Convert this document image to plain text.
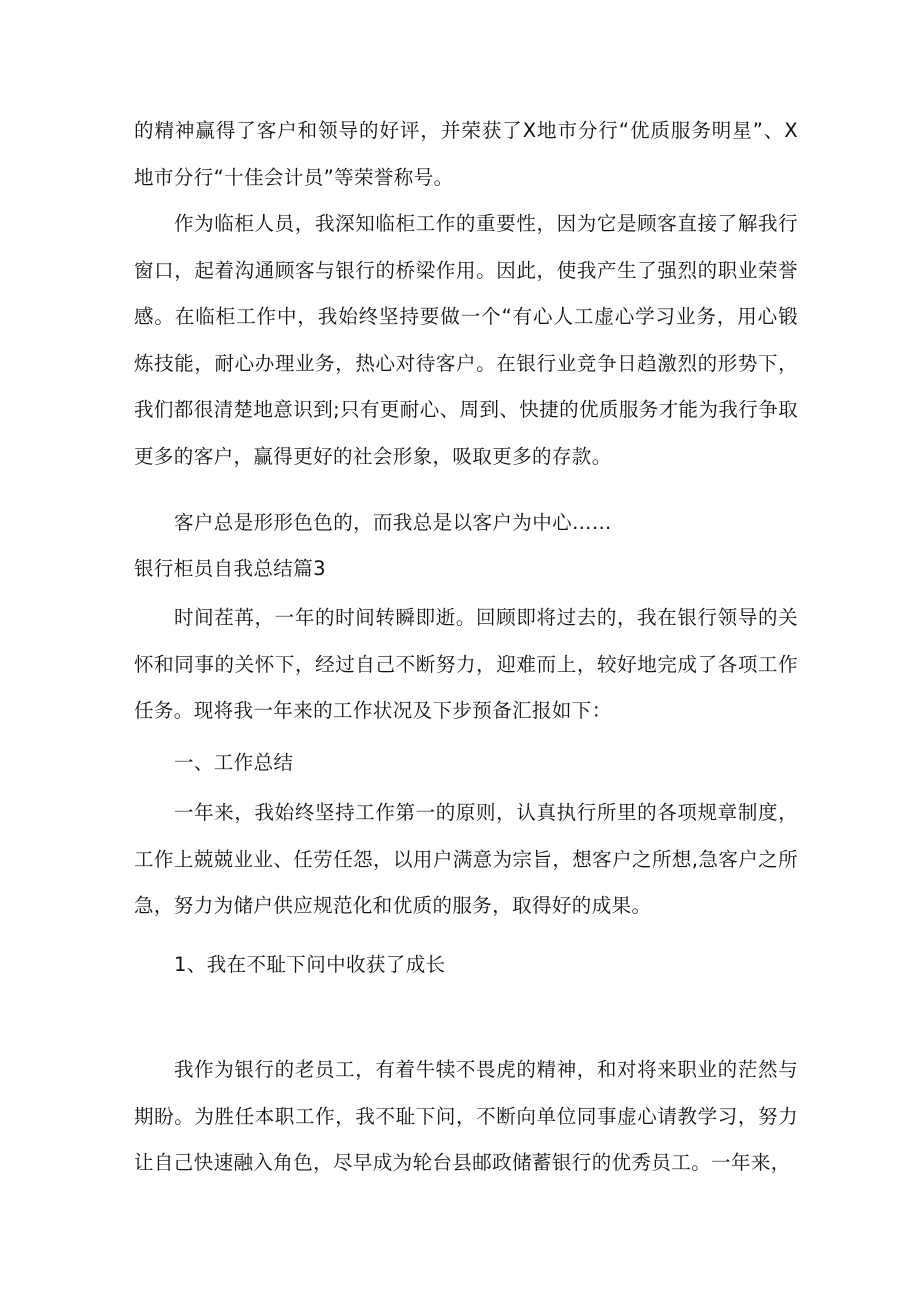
的精神赢得了客户和领导的好评，并荣获了X地市分行“优质服务明星”、X地市分行“十佳会计员”等荣誉称号。

作为临柜人员，我深知临柜工作的重要性，因为它是顾客直接了解我行窗口，起着沟通顾客与银行的桥梁作用。因此，使我产生了强烈的职业荣誉感。在临柜工作中，我始终坚持要做一个“有心人工虚心学习业务，用心锻炼技能，耐心办理业务，热心对待客户。在银行业竞争日趋激烈的形势下，我们都很清楚地意识到;只有更耐心、周到、快捷的优质服务才能为我行争取更多的客户，赢得更好的社会形象，吸取更多的存款。

客户总是形形色色的，而我总是以客户为中心……

银行柜员自我总结篇3

时间茬苒，一年的时间转瞬即逝。回顾即将过去的，我在银行领导的关怀和同事的关怀下，经过自己不断努力，迎难而上，较好地完成了各项工作任务。现将我一年来的工作状况及下步预备汇报如下：

一、工作总结

一年来，我始终坚持工作第一的原则，认真执行所里的各项规章制度，工作上兢兢业业、任劳任怨，以用户满意为宗旨，想客户之所想,急客户之所急，努力为储户供应规范化和优质的服务，取得好的成果。

1、我在不耻下问中收获了成长

我作为银行的老员工，有着牛犊不畏虎的精神，和对将来职业的茫然与期盼。为胜任本职工作，我不耻下问，不断向单位同事虚心请教学习，努力让自己快速融入角色，尽早成为轮台县邮政储蓄银行的优秀员工。一年来，
